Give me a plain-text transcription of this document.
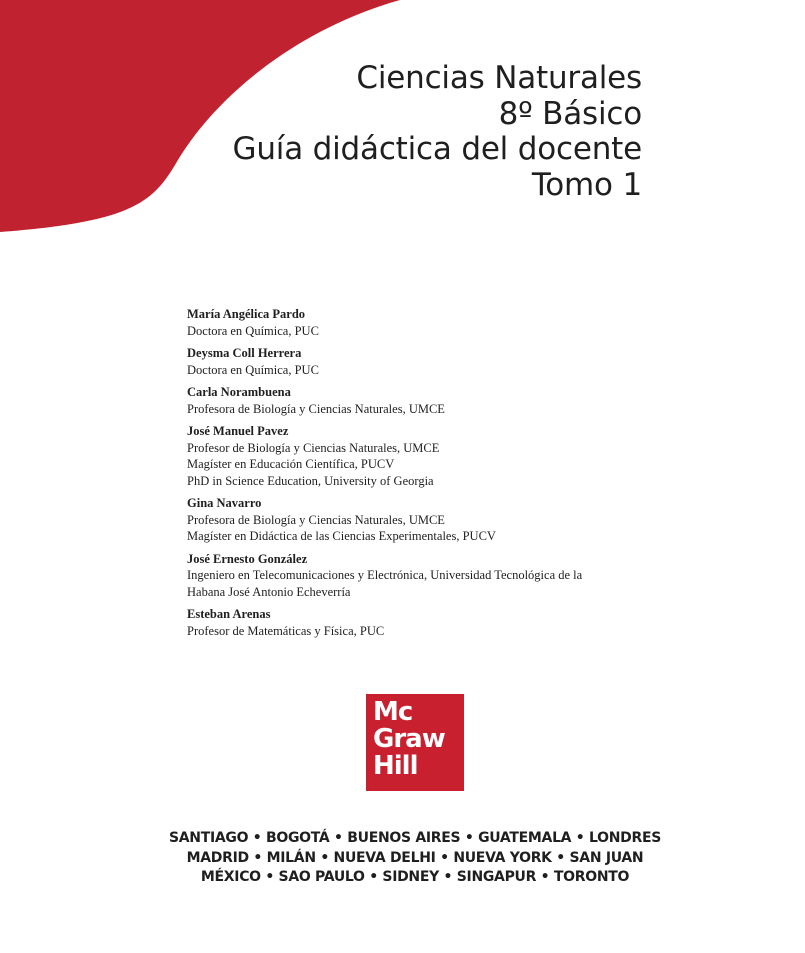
Ciencias Naturales
8º Básico
Guía didáctica del docente
Tomo 1
María Angélica Pardo
Doctora en Química, PUC
Deysma Coll Herrera
Doctora en Química, PUC
Carla Norambuena
Profesora de Biología y Ciencias Naturales, UMCE
José Manuel Pavez
Profesor de Biología y Ciencias Naturales, UMCE
Magíster en Educación Científica, PUCV
PhD in Science Education, University of Georgia
Gina Navarro
Profesora de Biología y Ciencias Naturales, UMCE
Magíster en Didáctica de las Ciencias Experimentales, PUCV
José Ernesto González
Ingeniero en Telecomunicaciones y Electrónica, Universidad Tecnológica de la
Habana José Antonio Echeverría
Esteban Arenas
Profesor de Matemáticas y Física, PUC
Mc
Graw
Hill
SANTIAGO • BOGOTÁ • BUENOS AIRES • GUATEMALA • LONDRES
MADRID • MILÁN • NUEVA DELHI • NUEVA YORK • SAN JUAN
MÉXICO • SAO PAULO • SIDNEY • SINGAPUR • TORONTO
